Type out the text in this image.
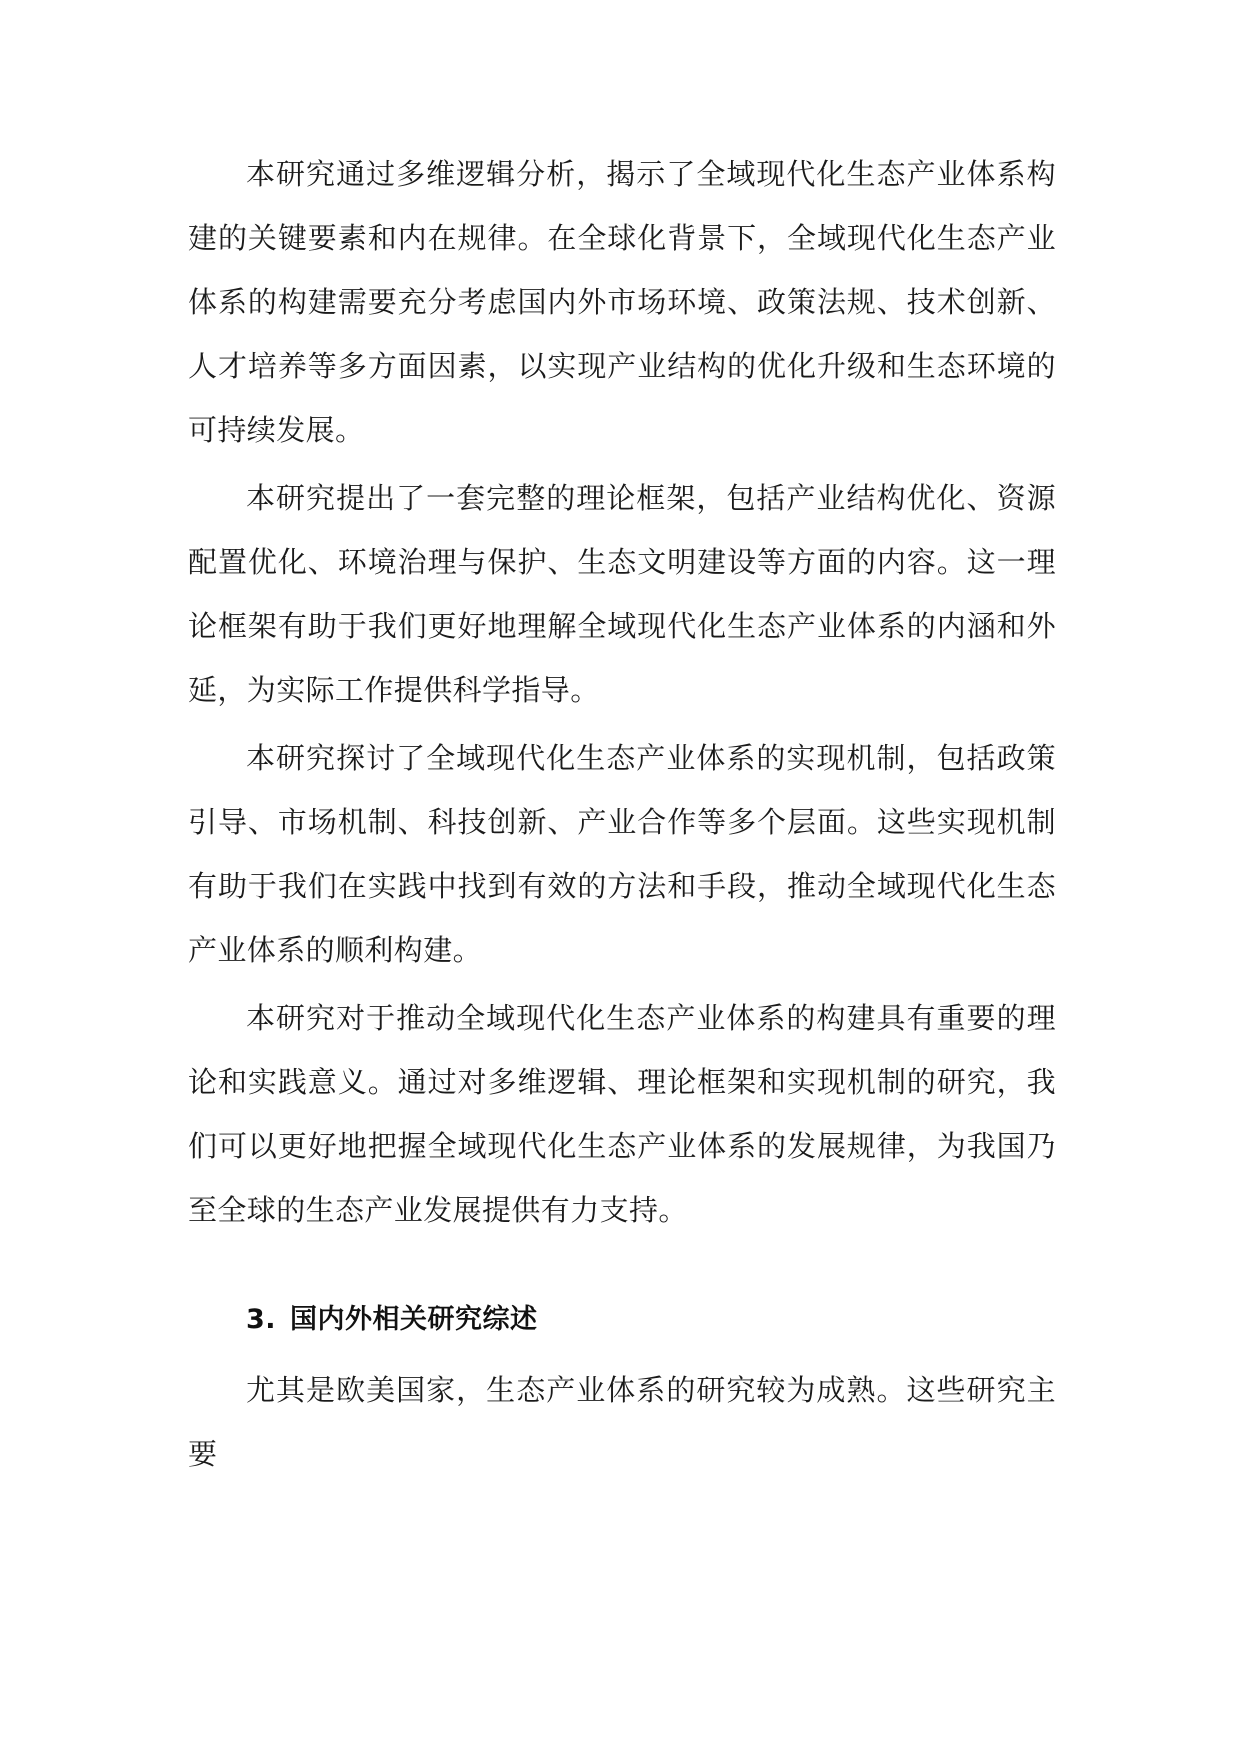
本研究通过多维逻辑分析，揭示了全域现代化生态产业体系构建的关键要素和内在规律。在全球化背景下，全域现代化生态产业体系的构建需要充分考虑国内外市场环境、政策法规、技术创新、人才培养等多方面因素，以实现产业结构的优化升级和生态环境的可持续发展。

本研究提出了一套完整的理论框架，包括产业结构优化、资源配置优化、环境治理与保护、生态文明建设等方面的内容。这一理论框架有助于我们更好地理解全域现代化生态产业体系的内涵和外延，为实际工作提供科学指导。

本研究探讨了全域现代化生态产业体系的实现机制，包括政策引导、市场机制、科技创新、产业合作等多个层面。这些实现机制有助于我们在实践中找到有效的方法和手段，推动全域现代化生态产业体系的顺利构建。

本研究对于推动全域现代化生态产业体系的构建具有重要的理论和实践意义。通过对多维逻辑、理论框架和实现机制的研究，我们可以更好地把握全域现代化生态产业体系的发展规律，为我国乃至全球的生态产业发展提供有力支持。

3. 国内外相关研究综述

尤其是欧美国家，生态产业体系的研究较为成熟。这些研究主要
